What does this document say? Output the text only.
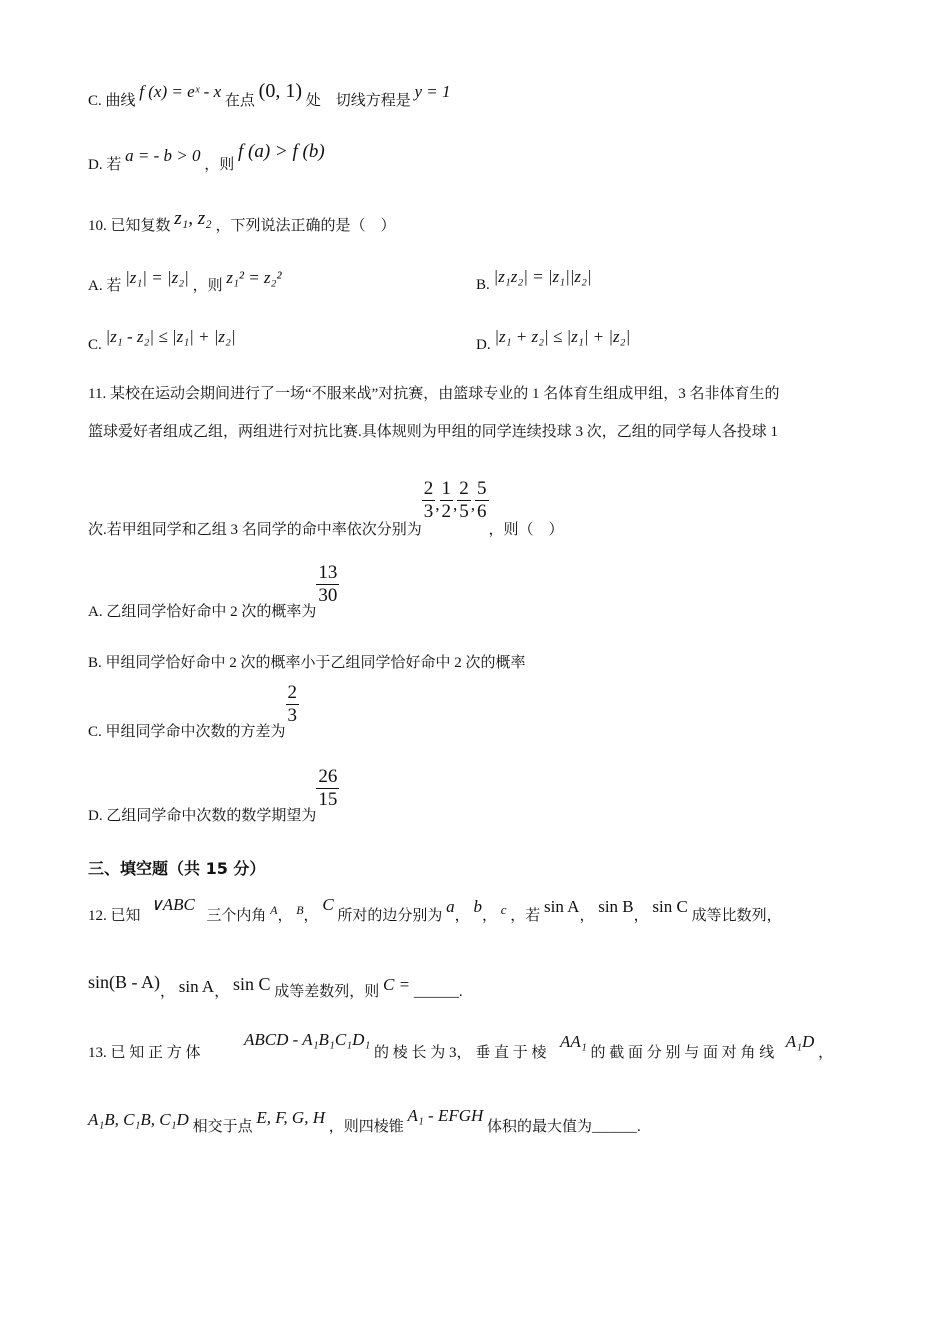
C. 曲线 f (x) = eˣ - x 在点 (0, 1) 处　切线方程是 y = 1
D. 若 a = - b > 0 ，则 f (a) > f (b)
10. 已知复数 z₁, z₂ ，下列说法正确的是（　）
A. 若 |z₁| = |z₂| ，则 z₁² = z₂²	B. |z₁z₂| = |z₁||z₂|
C. |z₁ - z₂| ≤ |z₁| + |z₂|	D. |z₁ + z₂| ≤ |z₁| + |z₂|
11. 某校在运动会期间进行了一场“不服来战”对抗赛，由篮球专业的 1 名体育生组成甲组，3 名非体育生的
篮球爱好者组成乙组，两组进行对抗比赛.具体规则为甲组的同学连续投球 3 次，乙组的同学每人各投球 1
次.若甲组同学和乙组 3 名同学的命中率依次分别为
$\frac{2}{3}$ , $\frac{1}{2}$ , $\frac{2}{5}$ , $\frac{5}{6}$
，则（　）
A. 乙组同学恰好命中 2 次的概率为
$\frac{13}{30}$
B. 甲组同学恰好命中 2 次的概率小于乙组同学恰好命中 2 次的概率
C. 甲组同学命中次数的方差为
$\frac{2}{3}$
D. 乙组同学命中次数的数学期望为
$\frac{26}{15}$
三、填空题（共 15 分）
12. 已知 ∨ABC  三个内角 $^A$， $^B$， C 所对的边分别为 a， b， c ，若 sin A， sin B， sin C 成等比数列，
sin(B - A)， sin A， sin C 成等差数列，则 C = ______.
13. 已 知 正 方 体  ABCD - A₁B₁C₁D₁ 的 棱 长 为 3， 垂 直 于 棱  AA₁ 的 截 面 分 别 与 面 对 角 线  A₁D ，
A₁B, C₁B, C₁D 相交于点 E, F, G, H ，则四棱锥 A₁ - EFGH 体积的最大值为______.
